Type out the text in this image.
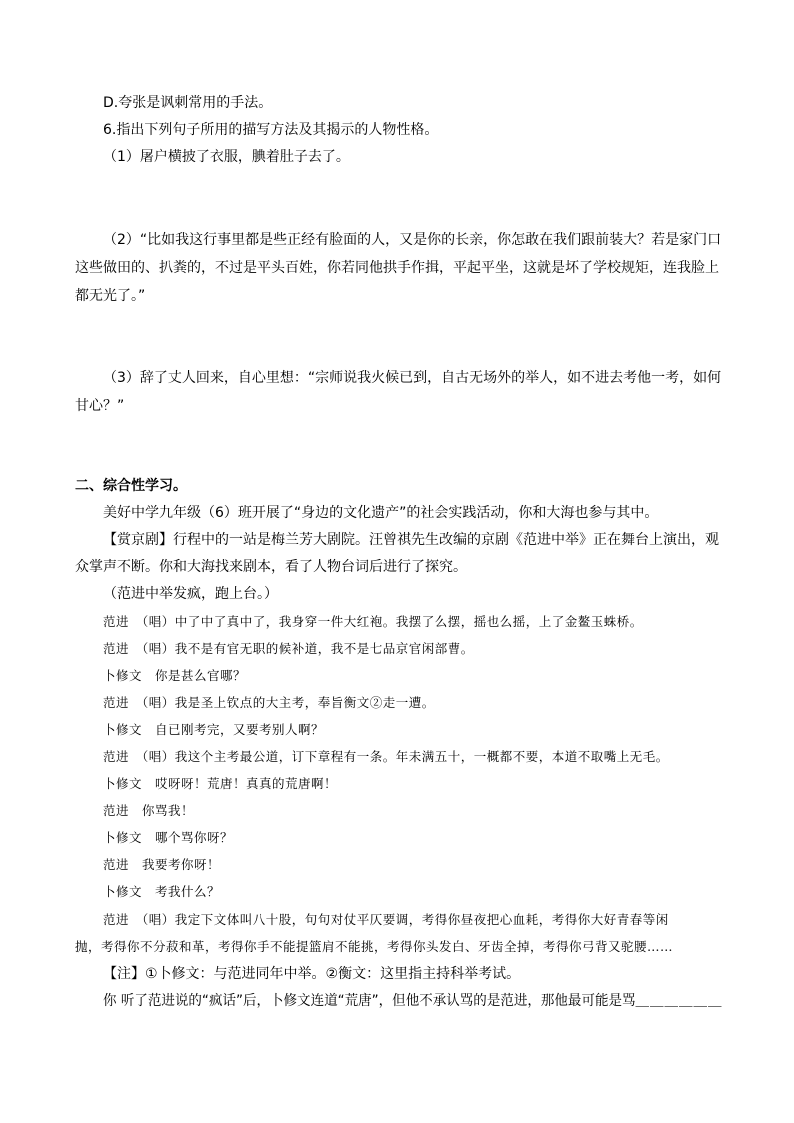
D.夸张是讽刺常用的手法。
6.指出下列句子所用的描写方法及其揭示的人物性格。
（1）屠户横披了衣服，腆着肚子去了。
（2）“比如我这行事里都是些正经有脸面的人，又是你的长亲，你怎敢在我们跟前装大？若是家门口
这些做田的、扒粪的，不过是平头百姓，你若同他拱手作揖，平起平坐，这就是坏了学校规矩，连我脸上
都无光了。”
（3）辞了丈人回来，自心里想：“宗师说我火候已到，自古无场外的举人，如不进去考他一考，如何
甘心？”
二、综合性学习。
美好中学九年级（6）班开展了“身边的文化遗产”的社会实践活动，你和大海也参与其中。
【赏京剧】行程中的一站是梅兰芳大剧院。汪曾祺先生改编的京剧《范进中举》正在舞台上演出，观
众掌声不断。你和大海找来剧本，看了人物台词后进行了探究。
（范进中举发疯，跑上台。）
范进　（唱）中了中了真中了，我身穿一件大红袍。我摆了么摆，摇也么摇，上了金鳌玉蛛桥。
范进　（唱）我不是有官无职的候补道，我不是七品京官闲部曹。
卜修文　你是甚么官哪？
范进　（唱）我是圣上钦点的大主考，奉旨衡文②走一遭。
卜修文　自已刚考完，又要考别人啊？
范进　（唱）我这个主考最公道，订下章程有一条。年未满五十，一概都不要，本道不取嘴上无毛。
卜修文　哎呀呀！荒唐！真真的荒唐啊！
范进　你骂我！
卜修文　哪个骂你呀？
范进　我要考你呀！
卜修文　考我什么？
范进　（唱）我定下文体叫八十股，句句对仗平仄要调，考得你昼夜把心血耗，考得你大好青春等闲
抛，考得你不分菽和革，考得你手不能提篮肩不能挑，考得你头发白、牙齿全掉，考得你弓背又驼腰……
【注】①卜修文：与范进同年中举。②衡文：这里指主持科举考试。
你 听了范进说的“疯话”后，卜修文连道“荒唐”，但他不承认骂的是范进，那他最可能是骂＿＿＿＿＿＿
